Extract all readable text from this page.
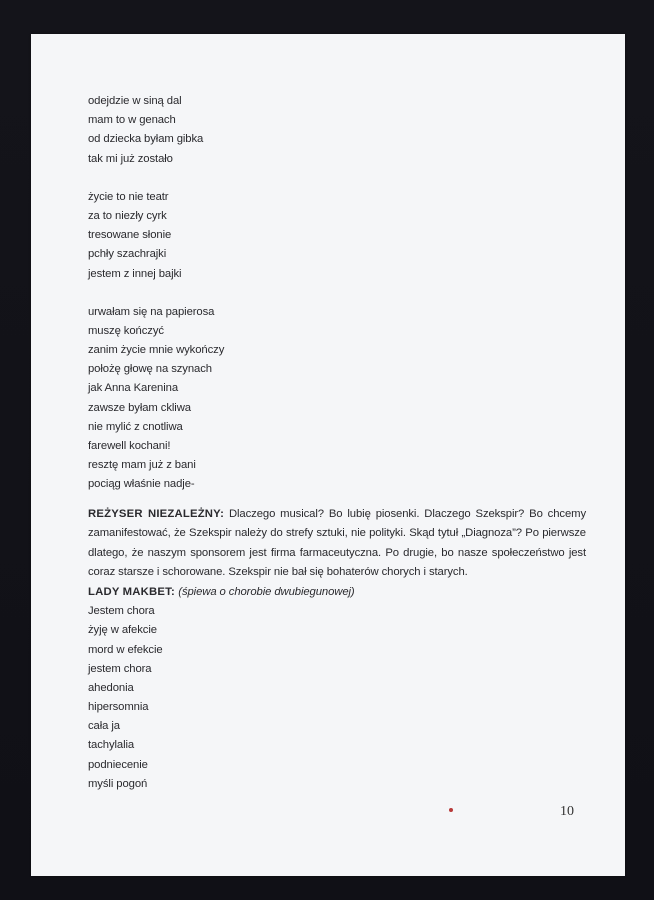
odejdzie w siną dal
mam to w genach
od dziecka byłam gibka
tak mi już zostało
życie to nie teatr
za to niezły cyrk
tresowane słonie
pchły szachrajki
jestem z innej bajki
urwałam się na papierosa
muszę kończyć
zanim życie mnie wykończy
położę głowę na szynach
jak Anna Karenina
zawsze byłam ckliwa
nie mylić z cnotliwa
farewell kochani!
resztę mam już z bani
pociąg właśnie nadje-
REŻYSER NIEZALEŻNY: Dlaczego musical? Bo lubię piosenki. Dlaczego Szekspir? Bo chcemy zamanifestować, że Szekspir należy do strefy sztuki, nie polityki. Skąd tytuł „Diagnoza”? Po pierwsze dlatego, że naszym sponsorem jest firma farmaceutyczna. Po drugie, bo nasze społeczeństwo jest coraz starsze i schorowane. Szekspir nie bał się bohaterów chorych i starych.
LADY MAKBET: (śpiewa o chorobie dwubiegunowej)
Jestem chora
żyję w afekcie
mord w efekcie
jestem chora
ahedonia
hipersomnia
cała ja
tachylalia
podniecenie
myśli pogoń
10
